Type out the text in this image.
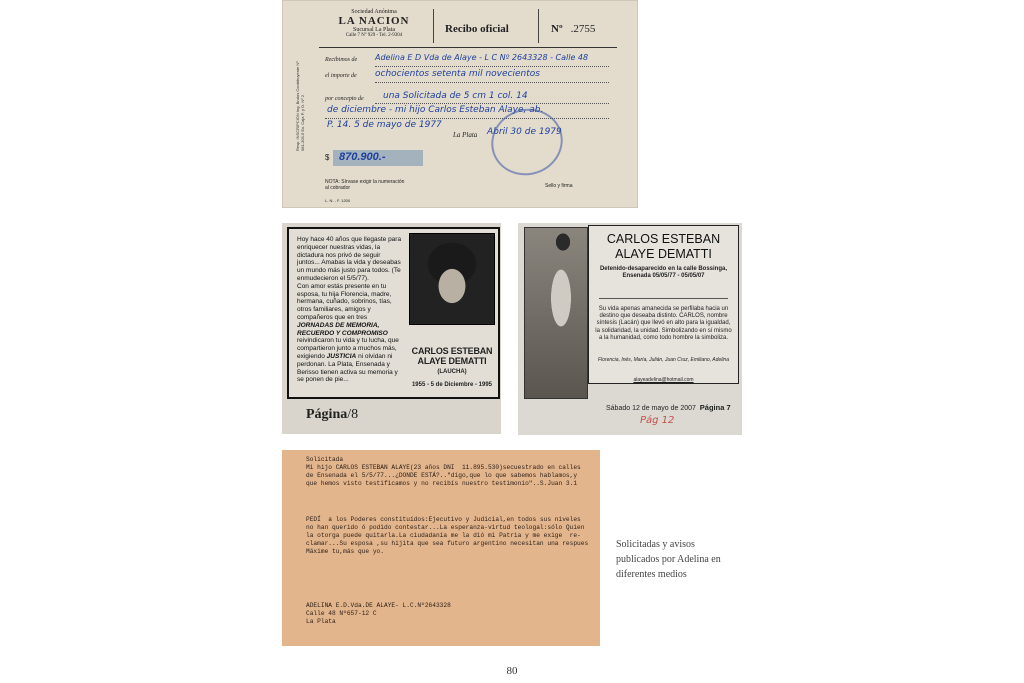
Sociedad Anónima
LA NACION
Sucursal La Plata
Calle 7 Nº 929 - Tel. 2-9304
Recibo oficial	Nº .2755
Resp. INSCRIPCION Ing. Brutos Contribuyente Nº 981-305-5 Ex. Caja P. y O. Nº 2
Recibimos de Adelina E D Vda de Alaye - L C Nº 2643328 - Calle 48
el importe de ochocientos setenta mil novecientos
por concepto de una Solicitada de 5 cm 1 col. 14
de diciembre - mi hijo Carlos Esteban Alaye, ab.
P. 14. 5 de mayo de 1977
La Plata Abril 30 de 1979
$ 870.900.-
NOTA: Sírvase exigir la numeración al cobrador	Sello y firma
L. N. - F. 1200
Hoy hace 40 años que llegaste para enriquecer nuestras vidas, la dictadura nos privó de seguir juntos... Amabas la vida y deseabas un mundo más justo para todos. (Te enmudecieron el 5/5/77).
Con amor estás presente en tu esposa, tu hija Florencia, madre, hermana, cuñado, sobrinos, tías, otros familiares, amigos y compañeros que en tres JORNADAS DE MEMORIA, RECUERDO Y COMPROMISO reivindicaron tu vida y tu lucha, que compartieron junto a muchos más, exigiendo JUSTICIA ni olvidan ni perdonan. La Plata, Ensenada y Berisso tienen activa su memoria y se ponen de pie...
CARLOS ESTEBAN ALAYE DEMATTI
(LAUCHA)
1955 - 5 de Diciembre - 1995
Página/8
CARLOS ESTEBAN ALAYE DEMATTI
Detenido-desaparecido en la calle Bossinga, Ensenada 05/05/77 - 05/05/07
Su vida apenas amanecida se perfilaba hacia un destino que deseaba distinto. CARLOS, nombre síntesis (Lacán) que llevó en alto para la igualdad, la solidaridad, la unidad. Simbolizando en sí mismo a la humanidad, como todo hombre la simboliza.
Florencia, Inés, María, Julián, Juan Cruz, Emiliano, Adelina
alayeadelina@hotmail.com
Sábado 12 de mayo de 2007 Página 7
Pág 12
Solicitada
Mi hijo CARLOS ESTEBAN ALAYE(23 años DNI  11.895.530)secuestrado en calles
de Ensenada el 5/5/77...¿DONDE ESTÁ?.."digo,que lo que sabemos hablamos,y
que hemos visto testificamos y no recibís nuestro testimonio"..S.Juan 3.1
PEDÍ  a los Poderes constituídos:Ejecutivo y Judicial,en todos sus niveles
no han querido ó podido contestar...La esperanza-virtud teologal:sólo Quien
la otorga puede quitarla.La ciudadanía me la dió mi Patria y me exige  re-
clamar...Su esposa ,su hijita que sea futuro argentino necesitan una respues
Máxime tu,más que yo.
ADELINA E.D.Vda.DE ALAYE- L.C.Nº2643328
Calle 48 Nº657-12 C
La Plata
Solicitadas y avisos publicados por Adelina en diferentes medios
80
